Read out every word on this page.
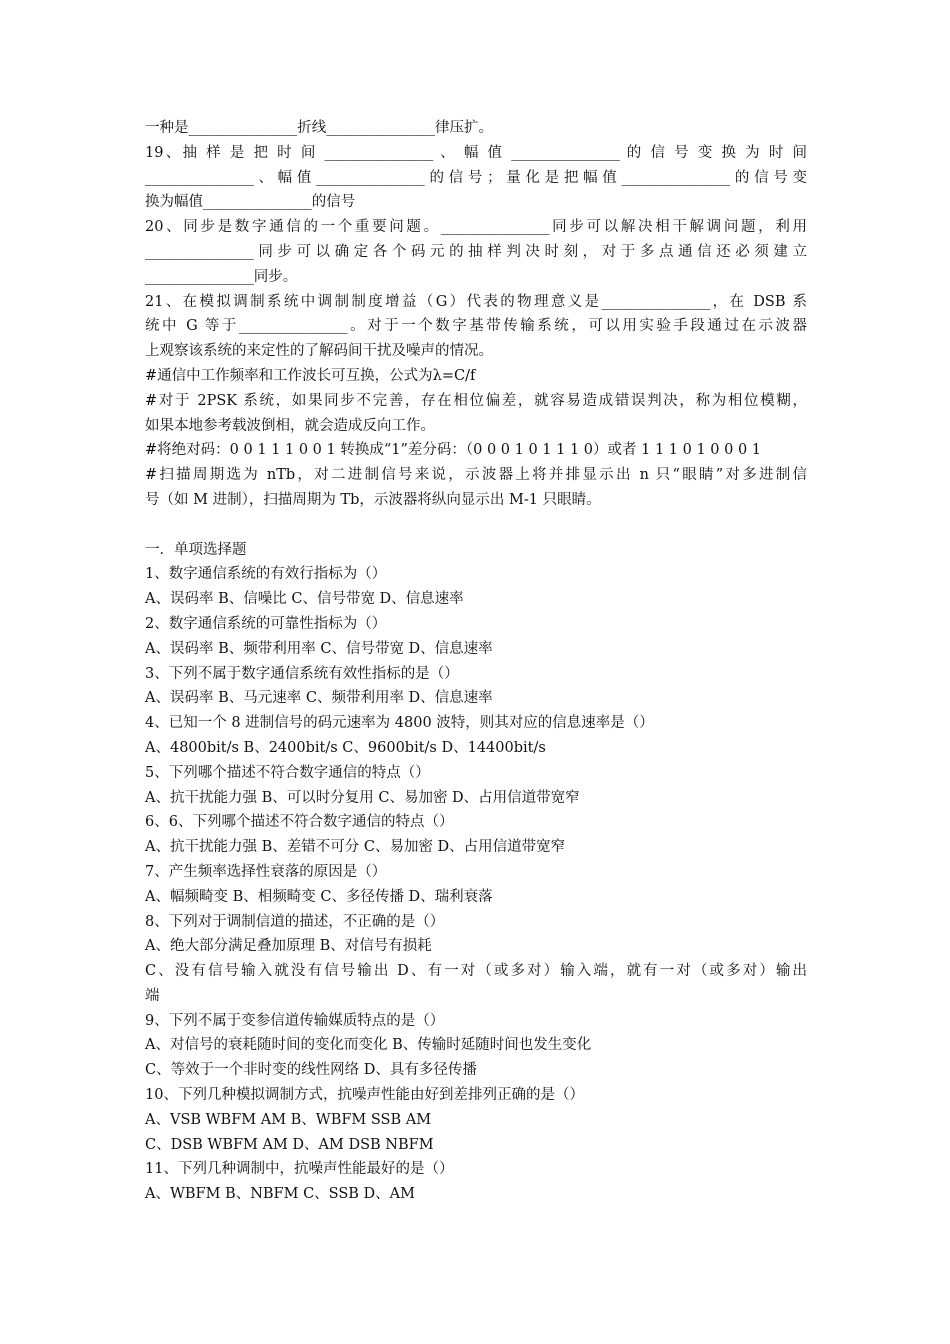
一种是_______________折线_______________律压扩。
19、抽 样 是 把 时 间 _______________ 、 幅 值 _______________ 的 信 号 变 换 为 时 间
_______________、幅值_______________的信号；量化是把幅值_______________的信号变
换为幅值_______________的信号
20、同步是数字通信的一个重要问题。_______________同步可以解决相干解调问题，利用
_______________同步可以确定各个码元的抽样判决时刻，对于多点通信还必须建立
_______________同步。
21、在模拟调制系统中调制制度增益（G）代表的物理意义是_______________，在 DSB 系
统中 G 等于_______________。对于一个数字基带传输系统，可以用实验手段通过在示波器
上观察该系统的来定性的了解码间干扰及噪声的情况。
#通信中工作频率和工作波长可互换，公式为λ=C/f
#对于 2PSK 系统，如果同步不完善，存在相位偏差，就容易造成错误判决，称为相位模糊，
如果本地参考载波倒相，就会造成反向工作。
#将绝对码：0 0 1 1 1 0 0 1 转换成“1”差分码：（0 0 0 1 0 1 1 1 0）或者 1 1 1 0 1 0 0 0 1
#扫描周期选为 nTb，对二进制信号来说，示波器上将并排显示出 n 只“眼睛”对多进制信
号（如 M 进制），扫描周期为 Tb，示波器将纵向显示出 M-1 只眼睛。
一．单项选择题
1、数字通信系统的有效行指标为（）
A、误码率 B、信噪比 C、信号带宽 D、信息速率
2、数字通信系统的可靠性指标为（）
A、误码率 B、频带利用率 C、信号带宽 D、信息速率
3、下列不属于数字通信系统有效性指标的是（）
A、误码率 B、马元速率 C、频带利用率 D、信息速率
4、已知一个 8 进制信号的码元速率为 4800 波特，则其对应的信息速率是（）
A、4800bit/s B、2400bit/s C、9600bit/s D、14400bit/s
5、下列哪个描述不符合数字通信的特点（）
A、抗干扰能力强 B、可以时分复用 C、易加密 D、占用信道带宽窄
6、6、下列哪个描述不符合数字通信的特点（）
A、抗干扰能力强 B、差错不可分 C、易加密 D、占用信道带宽窄
7、产生频率选择性衰落的原因是（）
A、幅频畸变 B、相频畸变 C、多径传播 D、瑞利衰落
8、下列对于调制信道的描述，不正确的是（）
A、绝大部分满足叠加原理 B、对信号有损耗
C、没有信号输入就没有信号输出 D、有一对（或多对）输入端，就有一对（或多对）输出
端
9、下列不属于变参信道传输媒质特点的是（）
A、对信号的衰耗随时间的变化而变化 B、传输时延随时间也发生变化
C、等效于一个非时变的线性网络 D、具有多径传播
10、下列几种模拟调制方式，抗噪声性能由好到差排列正确的是（）
A、VSB WBFM AM B、WBFM SSB AM
C、DSB WBFM AM D、AM DSB NBFM
11、下列几种调制中，抗噪声性能最好的是（）
A、WBFM B、NBFM C、SSB D、AM
